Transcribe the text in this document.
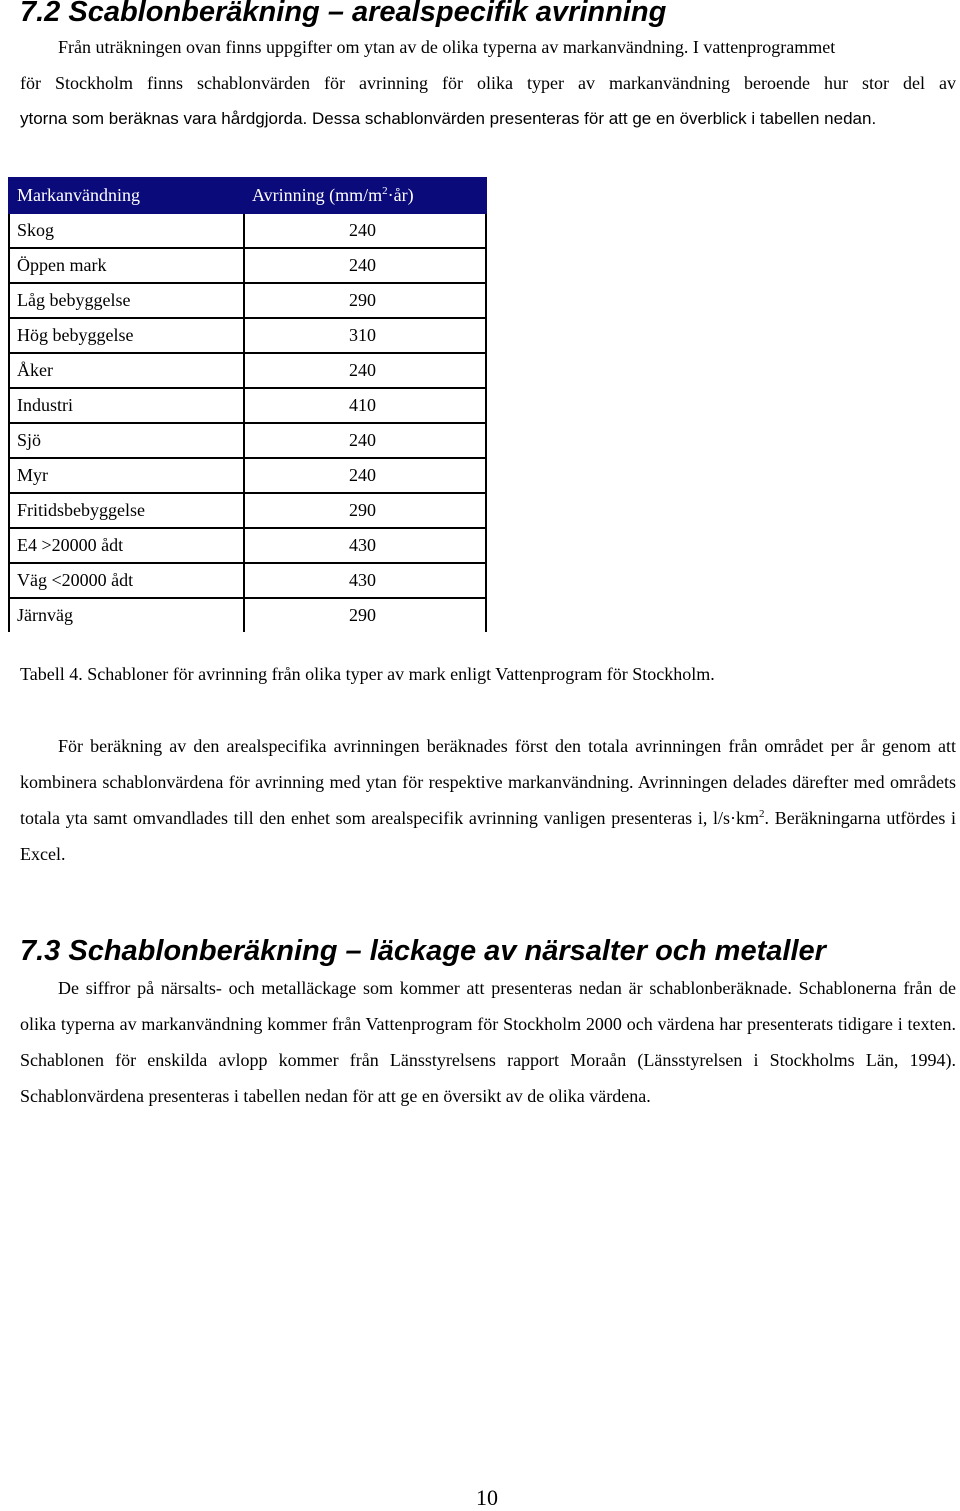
7.2 Scablonberäkning – arealspecifik avrinning
Från uträkningen ovan finns uppgifter om ytan av de olika typerna av markanvändning. I vattenprogrammet
för Stockholm finns schablonvärden för avrinning för olika typer av markanvändning beroende hur stor del av
ytorna som beräknas vara hårdgjorda. Dessa schablonvärden presenteras för att ge en överblick i tabellen nedan.
Markanvändning	Avrinning $(mm/m^2\cdot år)$
Skog	240
Öppen mark	240
Låg bebyggelse	290
Hög bebyggelse	310
Åker	240
Industri	410
Sjö	240
Myr	240
Fritidsbebyggelse	290
E4 >20000 ådt	430
Väg <20000 ådt	430
Järnväg	290

Tabell 4. Schabloner för avrinning från olika typer av mark enligt Vattenprogram för Stockholm.

För beräkning av den arealspecifika avrinningen beräknades först den totala avrinningen från området per år genom att kombinera schablonvärdena för avrinning med ytan för respektive markanvändning. Avrinningen delades därefter med områdets totala yta samt omvandlades till den enhet som arealspecifik avrinning vanligen presenteras i, $l/s\cdot km^2$. Beräkningarna utfördes i Excel.

7.3 Schablonberäkning – läckage av närsalter och metaller

De siffror på närsalts- och metalläckage som kommer att presenteras nedan är schablonberäknade. Schablonerna från de olika typerna av markanvändning kommer från Vattenprogram för Stockholm 2000 och värdena har presenterats tidigare i texten. Schablonen för enskilda avlopp kommer från Länsstyrelsens rapport Moraån (Länsstyrelsen i Stockholms Län, 1994). Schablonvärdena presenteras i tabellen nedan för att ge en översikt av de olika värdena.

10
